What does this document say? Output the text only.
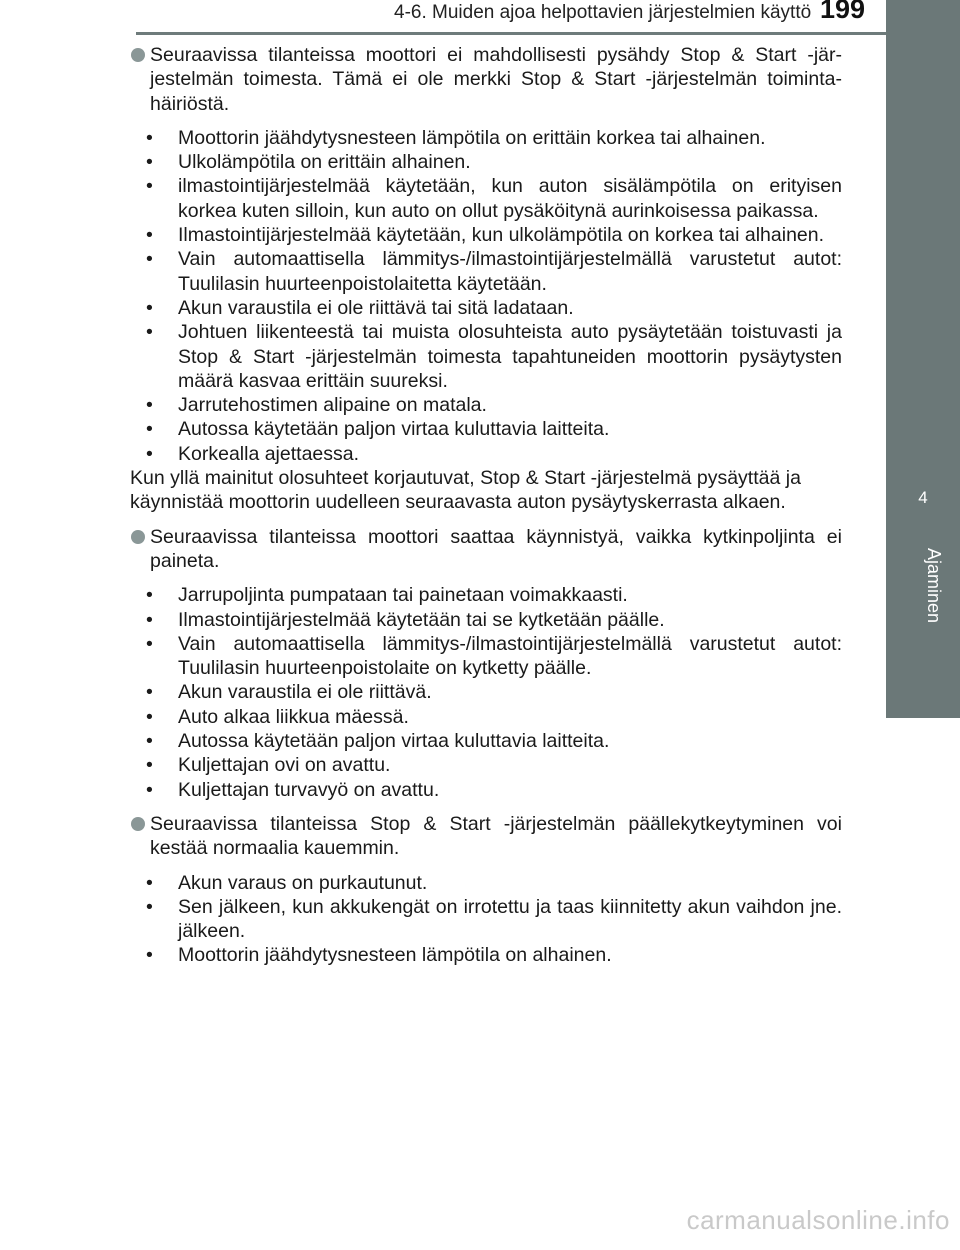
4-6. Muiden ajoa helpottavien järjestelmien käyttö 199
4
Ajaminen

Seuraavissa tilanteissa moottori ei mahdollisesti pysähdy Stop & Start -järjestelmän toimesta. Tämä ei ole merkki Stop & Start -järjestelmän toimintahäiriöstä.

• Moottorin jäähdytysnesteen lämpötila on erittäin korkea tai alhainen.
• Ulkolämpötila on erittäin alhainen.
• ilmastointijärjestelmää käytetään, kun auton sisälämpötila on erityisen korkea kuten silloin, kun auto on ollut pysäköitynä aurinkoisessa paikassa.
• Ilmastointijärjestelmää käytetään, kun ulkolämpötila on korkea tai alhainen.
• Vain automaattisella lämmitys-/ilmastointijärjestelmällä varustetut autot: Tuulilasin huurteenpoistolaitetta käytetään.
• Akun varaustila ei ole riittävä tai sitä ladataan.
• Johtuen liikenteestä tai muista olosuhteista auto pysäytetään toistuvasti ja Stop & Start -järjestelmän toimesta tapahtuneiden moottorin pysäytysten määrä kasvaa erittäin suureksi.
• Jarrutehostimen alipaine on matala.
• Autossa käytetään paljon virtaa kuluttavia laitteita.
• Korkealla ajettaessa.

Kun yllä mainitut olosuhteet korjautuvat, Stop & Start -järjestelmä pysäyttää ja käynnistää moottorin uudelleen seuraavasta auton pysäytyskerrasta alkaen.

Seuraavissa tilanteissa moottori saattaa käynnistyä, vaikka kytkinpoljinta ei paineta.

• Jarrupoljinta pumpataan tai painetaan voimakkaasti.
• Ilmastointijärjestelmää käytetään tai se kytketään päälle.
• Vain automaattisella lämmitys-/ilmastointijärjestelmällä varustetut autot: Tuulilasin huurteenpoistolaite on kytketty päälle.
• Akun varaustila ei ole riittävä.
• Auto alkaa liikkua mäessä.
• Autossa käytetään paljon virtaa kuluttavia laitteita.
• Kuljettajan ovi on avattu.
• Kuljettajan turvavyö on avattu.

Seuraavissa tilanteissa Stop & Start -järjestelmän päällekytkeytyminen voi kestää normaalia kauemmin.

• Akun varaus on purkautunut.
• Sen jälkeen, kun akkukengät on irrotettu ja taas kiinnitetty akun vaihdon jne. jälkeen.
• Moottorin jäähdytysnesteen lämpötila on alhainen.
carmanualsonline.info
